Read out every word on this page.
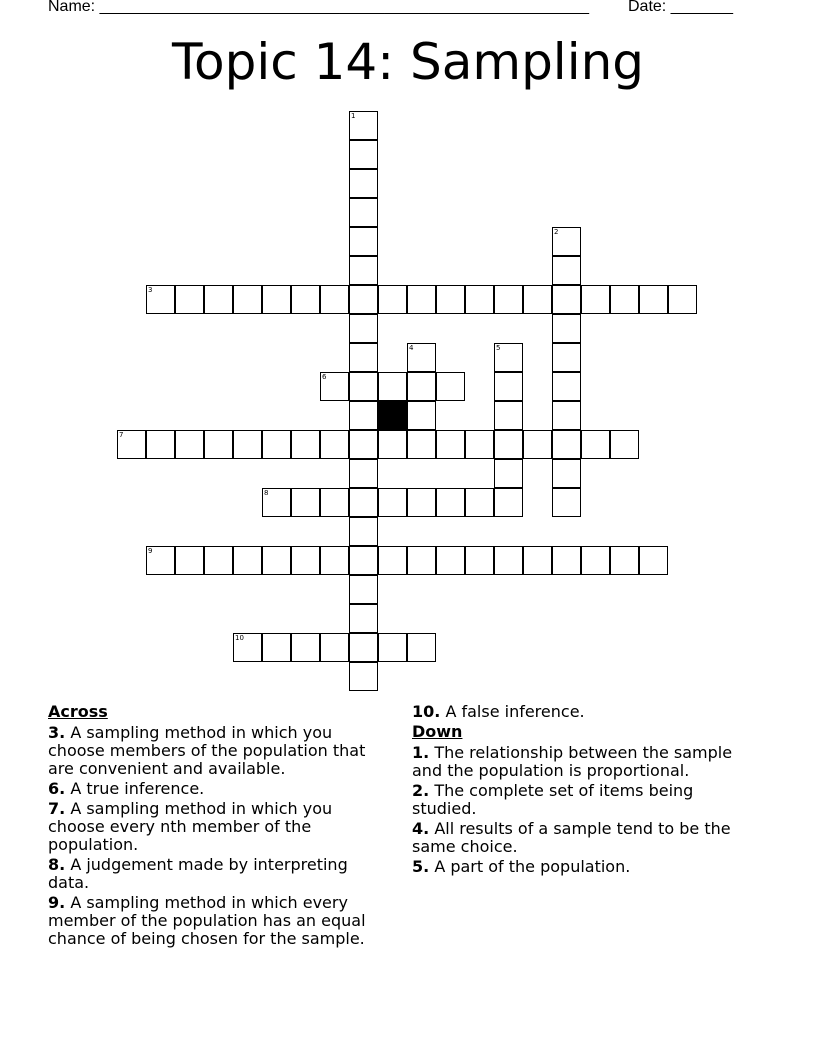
Name: _______________________________________________________ Date: _______
Topic 14: Sampling
1
2
3
4	5
6
7
8
9
10
Across
3. A sampling method in which you choose members of the population that are convenient and available.
6. A true inference.
7. A sampling method in which you choose every nth member of the population.
8. A judgement made by interpreting data.
9. A sampling method in which every member of the population has an equal chance of being chosen for the sample.
10. A false inference.
Down
1. The relationship between the sample and the population is proportional.
2. The complete set of items being studied.
4. All results of a sample tend to be the same choice.
5. A part of the population.
